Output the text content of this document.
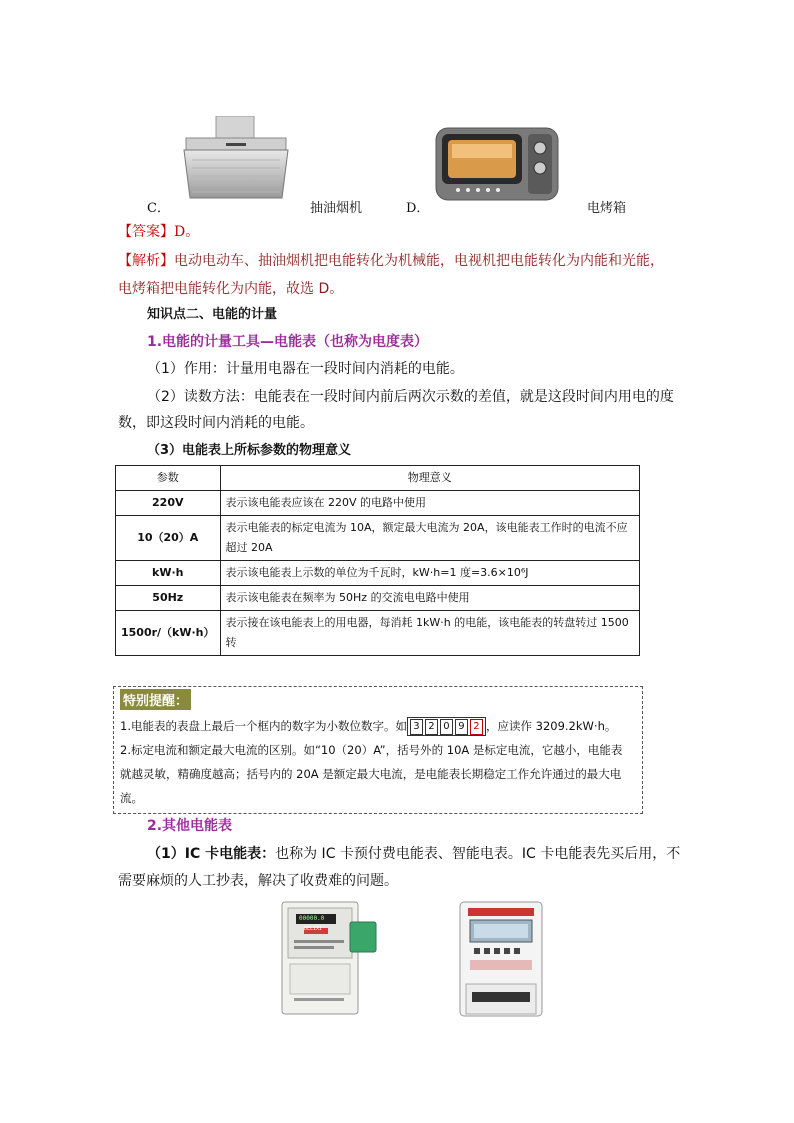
C．	抽油烟机	D．	电烤箱

【答案】D。

【解析】电动电动车、抽油烟机把电能转化为机械能，电视机把电能转化为内能和光能，

电烤箱把电能转化为内能，故选 D。

知识点二、电能的计量

1.电能的计量工具—电能表（也称为电度表）

（1）作用：计量用电器在一段时间内消耗的电能。

（2）读数方法：电能表在一段时间内前后两次示数的差值，就是这段时间内用电的度

数，即这段时间内消耗的电能。

（3）电能表上所标参数的物理意义

参数	物理意义
220V	表示该电能表应该在 220V 的电路中使用
10（20）A	表示电能表的标定电流为 10A，额定最大电流为 20A，该电能表工作时的电流不应超过 20A
kW·h	表示该电能表上示数的单位为千瓦时，kW·h=1 度=3.6×10⁶J
50Hz	表示该电能表在频率为 50Hz 的交流电电路中使用
1500r/（kW·h）	表示接在该电能表上的用电器，每消耗 1kW·h 的电能，该电能表的转盘转过 1500 转
特别提醒：
1.电能表的表盘上最后一个框内的数字为小数位数字。如 3 2 0 9 2 ，应读作 3209.2kW·h。
2.标定电流和额定最大电流的区别。如“10（20）A”，括号外的 10A 是标定电流，它越小，电能表
就越灵敏，精确度越高；括号内的 20A 是额定最大电流，是电能表长期稳定工作允许通过的最大电
流。

2.其他电能表

（1）IC 卡电能表：也称为 IC 卡预付费电能表、智能电表。IC 卡电能表先买后用，不

需要麻烦的人工抄表，解决了收费难的问题。

DELIXI
00000.0
